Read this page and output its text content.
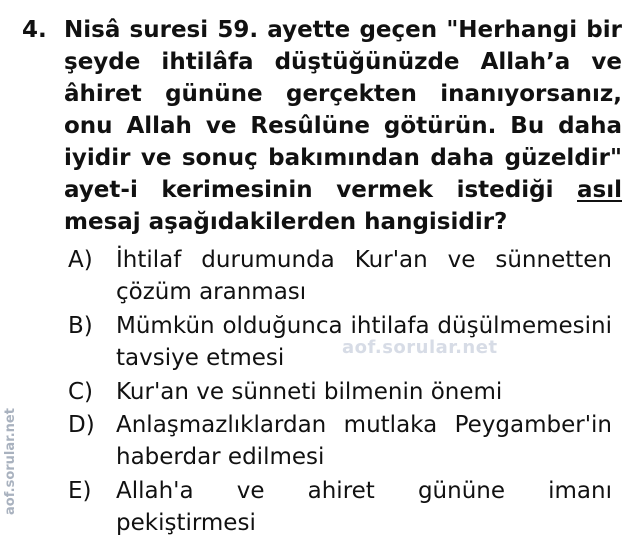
4. Nisâ suresi 59. ayette geçen "Herhangi bir şeyde ihtilâfa düştüğünüzde Allah’a ve âhiret gününe gerçekten inanıyorsanız, onu Allah ve Resûlüne götürün. Bu daha iyidir ve sonuç bakımından daha güzeldir" ayet-i kerimesinin vermek istediği asıl mesaj aşağıdakilerden hangisidir?
A)	İhtilaf durumunda Kur'an ve sünnetten çözüm aranması
B)	Mümkün olduğunca ihtilafa düşülmemesini tavsiye etmesi
C) Kur'an ve sünneti bilmenin önemi
D) Anlaşmazlıklardan mutlaka Peygamber'in haberdar edilmesi
E)	Allah'a ve ahiret gününe imanı pekiştirmesi
aof.sorular.net
aof.sorular.net
